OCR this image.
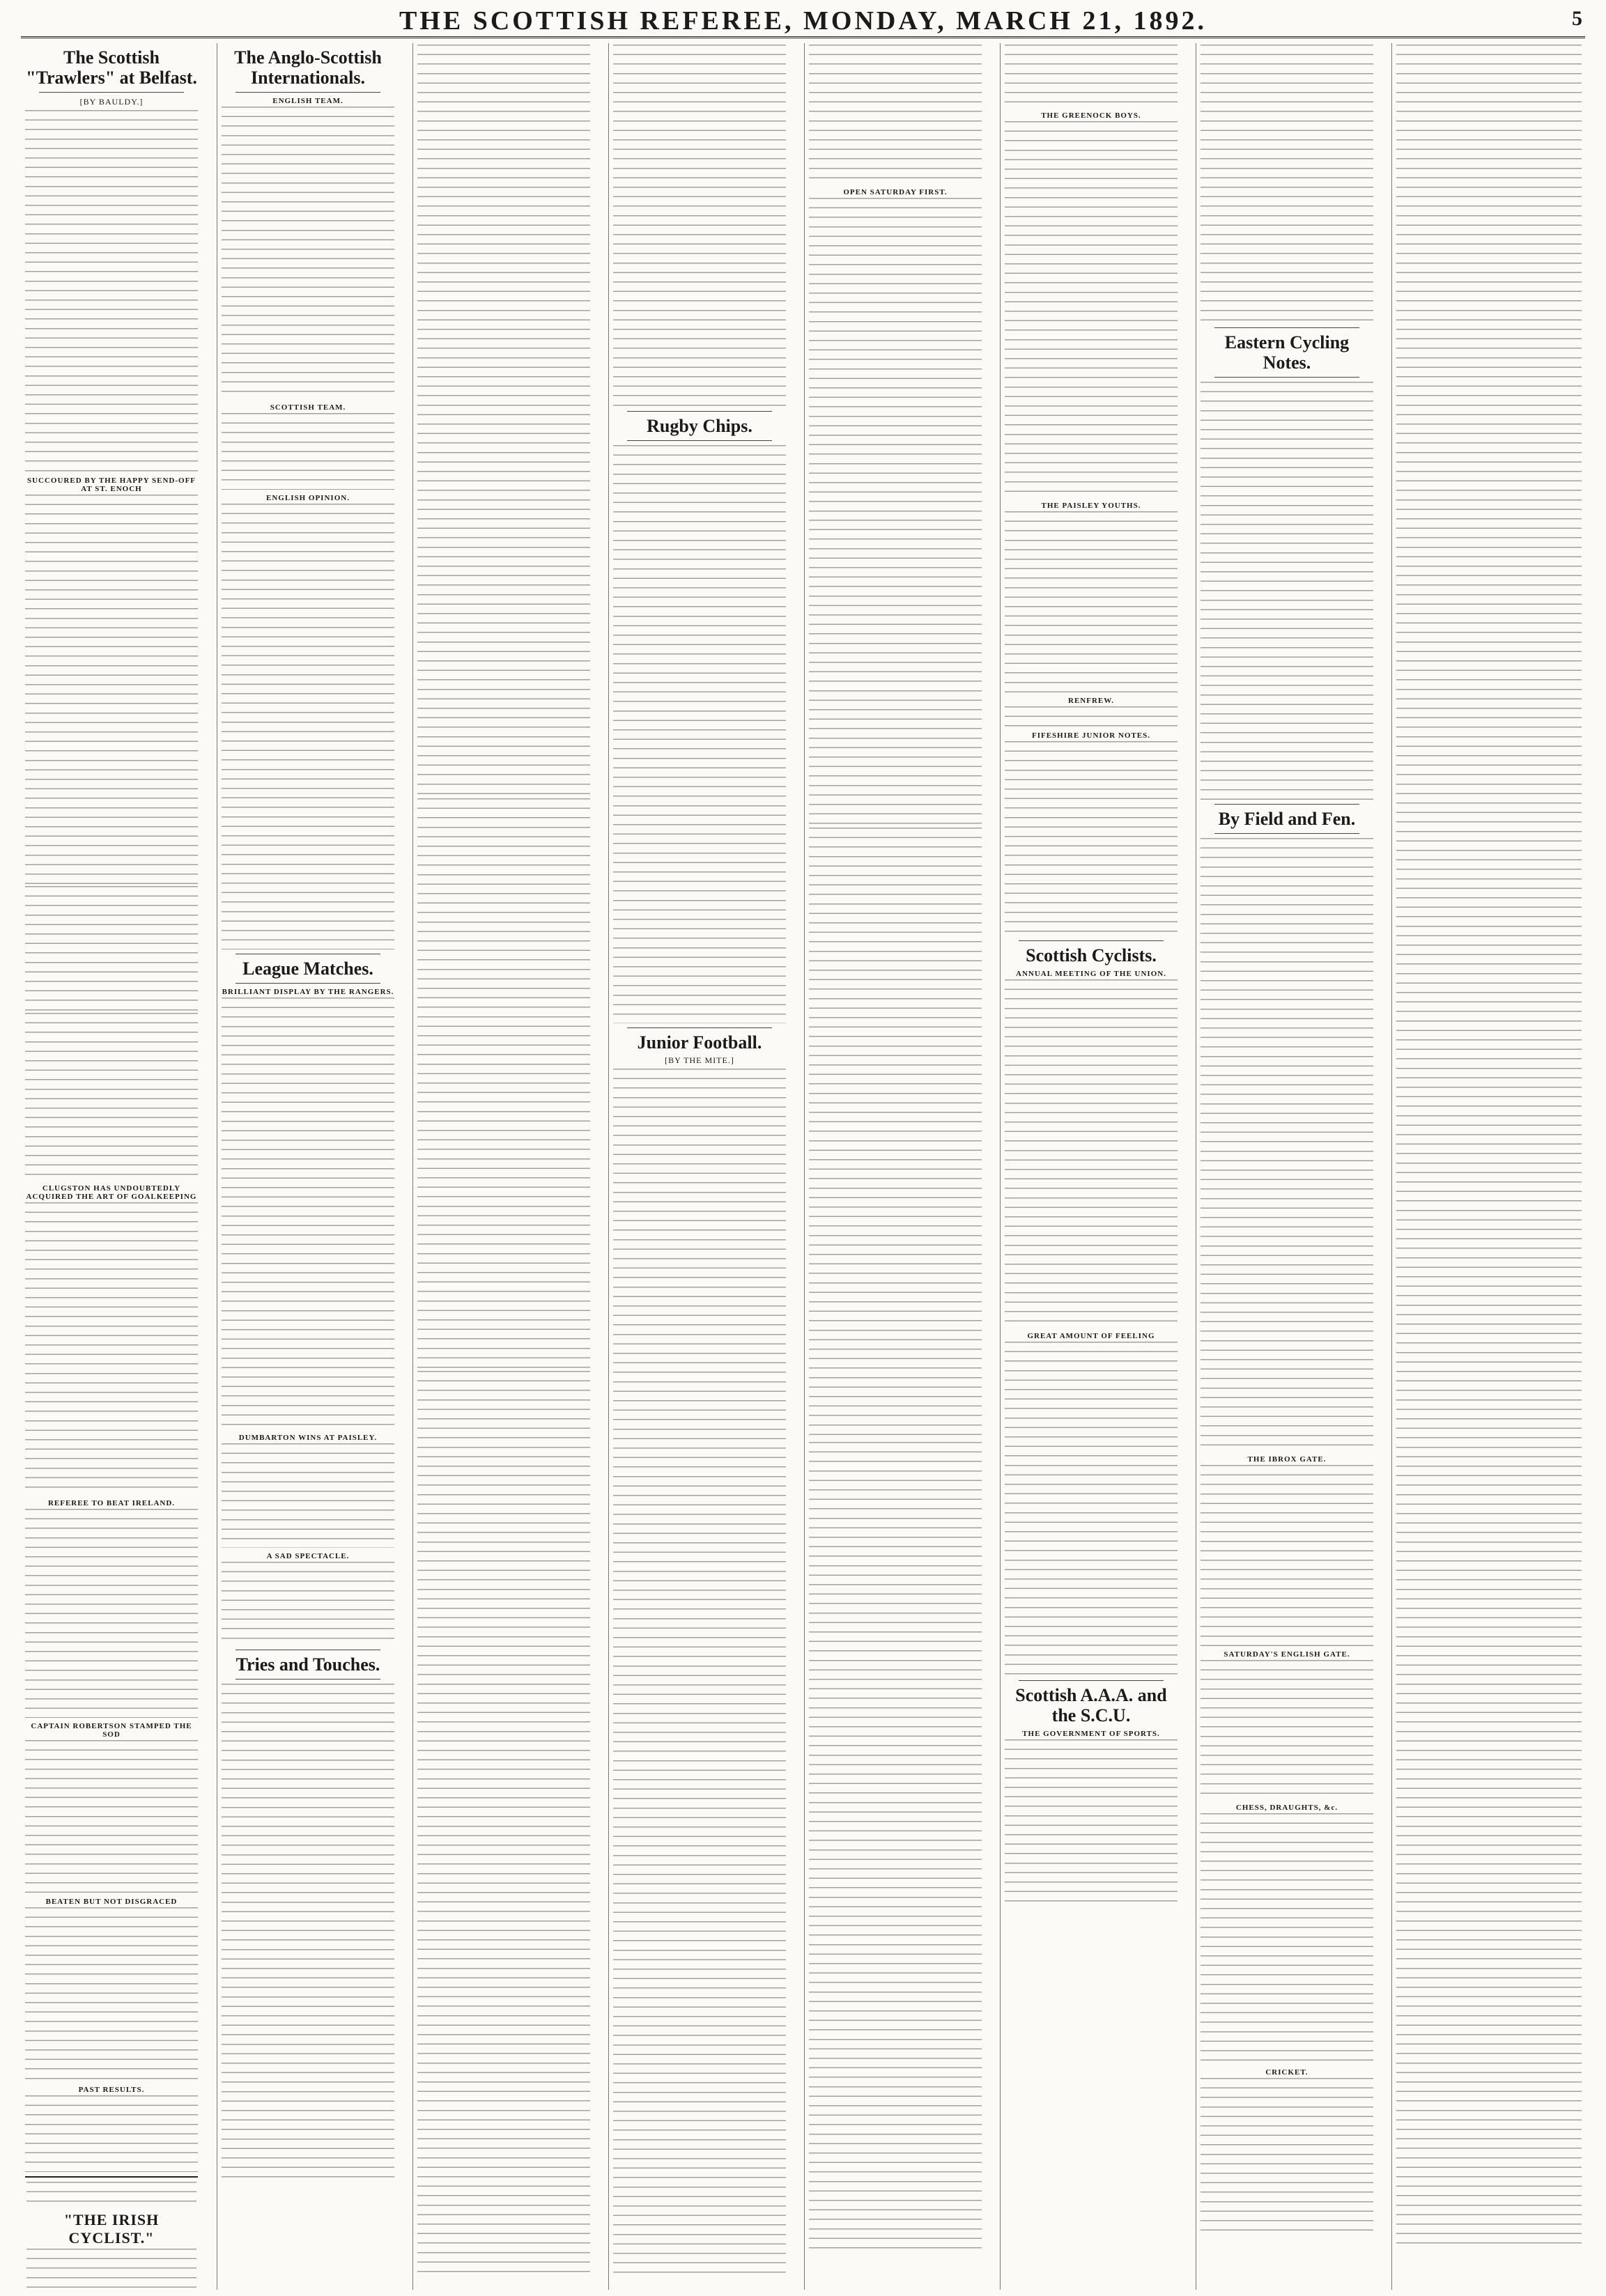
THE SCOTTISH REFEREE, MONDAY, MARCH 21, 1892.	5
The Scottish "Trawlers" at Belfast.
[BY BAULDY.]
SUCCOURED BY THE HAPPY SEND-OFF AT ST. ENOCH
CLUGSTON HAS UNDOUBTEDLY ACQUIRED THE ART OF GOALKEEPING
REFEREE TO BEAT IRELAND.
CAPTAIN ROBERTSON STAMPED THE SOD
BEATEN BUT NOT DISGRACED
PAST RESULTS.
"THE IRISH CYCLIST."
The Anglo-Scottish Internationals.
ENGLISH TEAM.
SCOTTISH TEAM.
ENGLISH OPINION.
League Matches.
BRILLIANT DISPLAY BY THE RANGERS.
DUMBARTON WINS AT PAISLEY.
A SAD SPECTACLE.
Tries and Touches.
Rugby Chips.
Junior Football.
[BY THE MITE.]
OPEN SATURDAY FIRST.
THE GREENOCK BOYS.
THE PAISLEY YOUTHS.
RENFREW.
FIFESHIRE JUNIOR NOTES.
Scottish Cyclists.
ANNUAL MEETING OF THE UNION.
GREAT AMOUNT OF FEELING
Scottish A.A.A. and the S.C.U.
THE GOVERNMENT OF SPORTS.
Eastern Cycling Notes.
By Field and Fen.
THE IBROX GATE.
SATURDAY'S ENGLISH GATE.
CHESS, DRAUGHTS, &c.
CRICKET.
